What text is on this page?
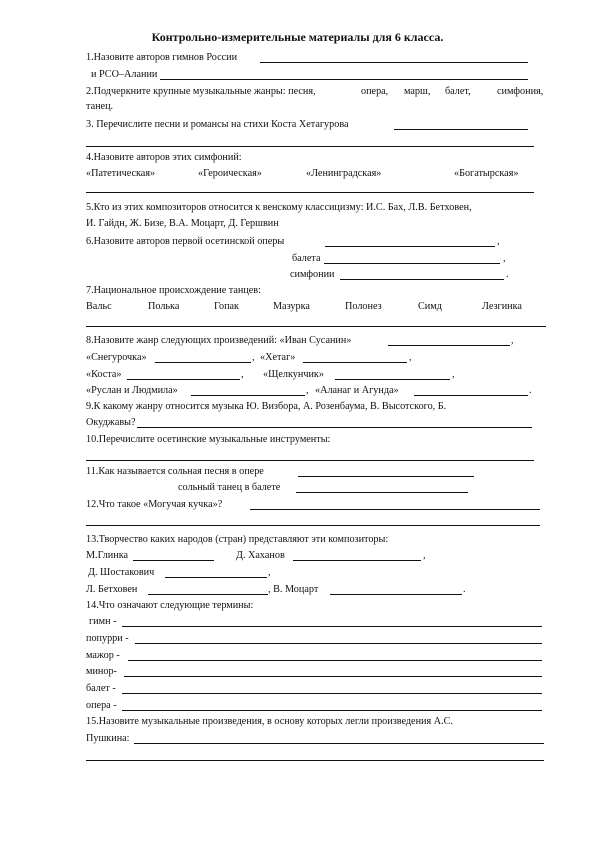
Контрольно-измерительные материалы для 6 класса.
1.Назовите авторов гимнов России
и РСО–Алании
2.Подчеркните крупные музыкальные жанры: песня,	опера, марш, балет,	симфония,
танец.
3. Перечислите песни и романсы на стихи Коста Хетагурова
4.Назовите авторов этих симфоний:
«Патетическая»	«Героическая»	«Ленинградская»	«Богатырская»
5.Кто из этих композиторов относится к венскому классицизму: И.С. Бах, Л.В. Бетховен,
И. Гайдн, Ж. Бизе, В.А. Моцарт, Д. Гершвин
6.Назовите авторов первой осетинской оперы	,
балета	,
симфонии	.
7.Национальное происхождение танцев:
Вальс	Полька	Гопак	Мазурка	Полонез	Симд	Лезгинка
8.Назовите жанр следующих произведений: «Иван Сусанин»	,
«Снегурочка»	, «Хетаг»	,
«Коста»	, «Щелкунчик»	,
«Руслан и Людмила»	, «Аланаг и Агунда»	.
9.К какому жанру относится музыка Ю. Визбора, А. Розенбаума, В. Высотского, Б.
Окуджавы?
10.Перечислите осетинские музыкальные инструменты:
11.Как называется сольная песня в опере
сольный танец в балете
12.Что такое «Могучая кучка»?
13.Творчество каких народов (стран) представляют эти композиторы:
М.Глинка	Д. Хаханов	,
Д. Шостакович	,
Л. Бетховен	, В. Моцарт	.
14.Что означают следующие термины:
гимн -
попурри -
мажор -
минор-
балет -
опера -
15.Назовите музыкальные произведения, в основу которых легли произведения А.С.
Пушкина:
